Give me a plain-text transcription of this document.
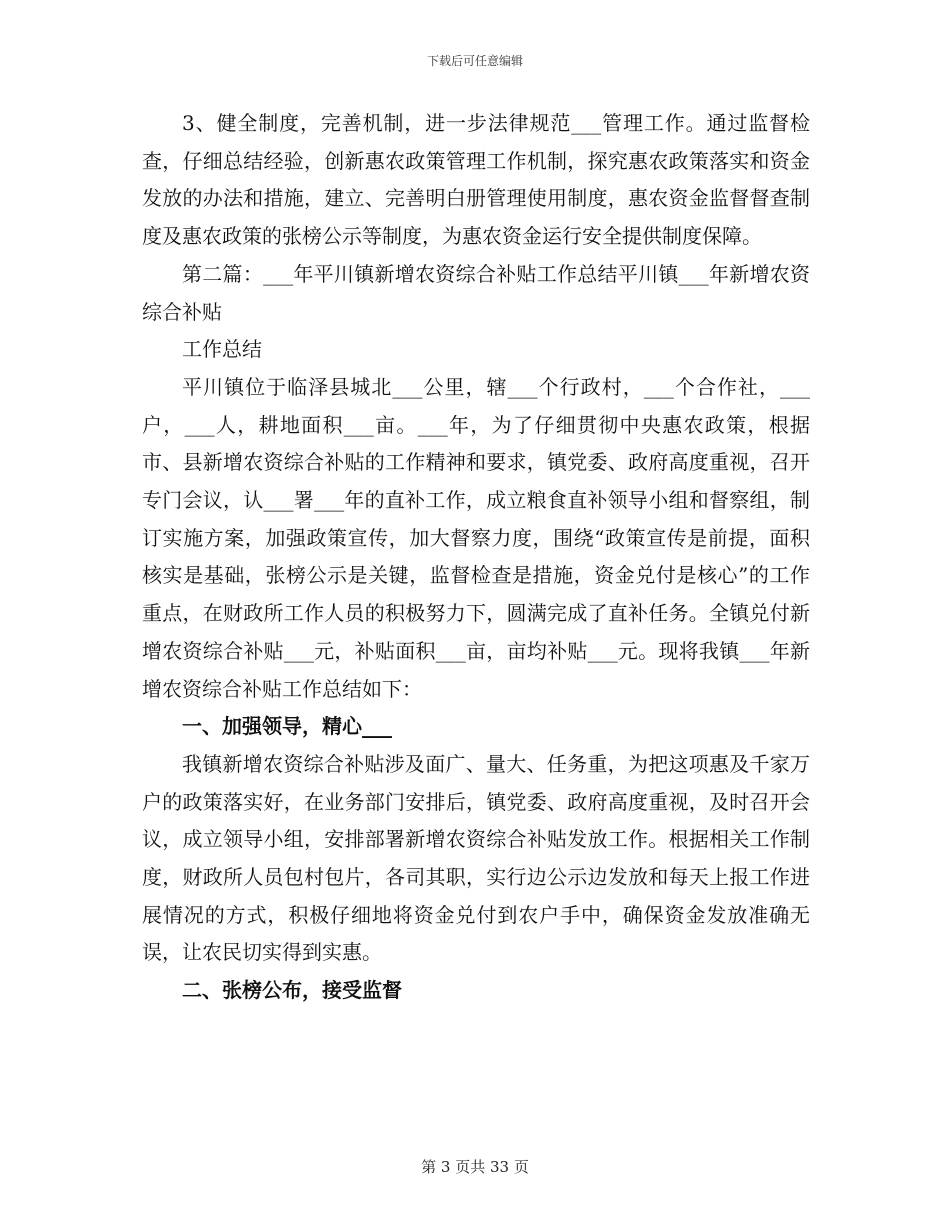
下载后可任意编辑

3、健全制度，完善机制，进一步法律规范___管理工作。通过监督检查，仔细总结经验，创新惠农政策管理工作机制，探究惠农政策落实和资金发放的办法和措施，建立、完善明白册管理使用制度，惠农资金监督督查制度及惠农政策的张榜公示等制度，为惠农资金运行安全提供制度保障。

第二篇：___年平川镇新增农资综合补贴工作总结平川镇___年新增农资综合补贴

工作总结

平川镇位于临泽县城北___公里，辖___个行政村，___个合作社，___户，___人，耕地面积___亩。___年，为了仔细贯彻中央惠农政策，根据市、县新增农资综合补贴的工作精神和要求，镇党委、政府高度重视，召开专门会议，认___署___年的直补工作，成立粮食直补领导小组和督察组，制订实施方案，加强政策宣传，加大督察力度，围绕“政策宣传是前提，面积核实是基础，张榜公示是关键，监督检查是措施，资金兑付是核心”的工作重点，在财政所工作人员的积极努力下，圆满完成了直补任务。全镇兑付新增农资综合补贴___元，补贴面积___亩，亩均补贴___元。现将我镇___年新增农资综合补贴工作总结如下：

一、加强领导，精心___

我镇新增农资综合补贴涉及面广、量大、任务重，为把这项惠及千家万户的政策落实好，在业务部门安排后，镇党委、政府高度重视，及时召开会议，成立领导小组，安排部署新增农资综合补贴发放工作。根据相关工作制度，财政所人员包村包片，各司其职，实行边公示边发放和每天上报工作进展情况的方式，积极仔细地将资金兑付到农户手中，确保资金发放准确无误，让农民切实得到实惠。

二、张榜公布，接受监督

第 3 页共 33 页
